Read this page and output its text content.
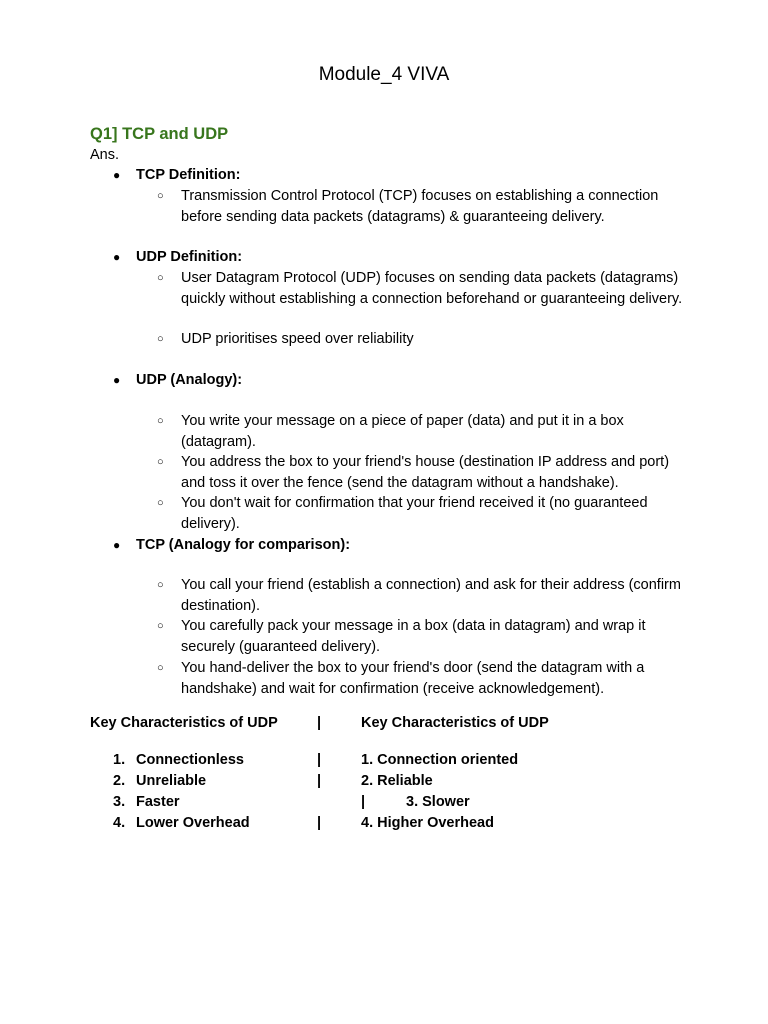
Module_4 VIVA
Q1] TCP and UDP
Ans.
●	TCP Definition:
○	Transmission Control Protocol (TCP) focuses on establishing a connection before sending data packets (datagrams) & guaranteeing delivery.
●	UDP Definition:
○	User Datagram Protocol (UDP) focuses on sending data packets (datagrams) quickly without establishing a connection beforehand or guaranteeing delivery.
○	UDP prioritises speed over reliability
●	UDP (Analogy):
○	You write your message on a piece of paper (data) and put it in a box (datagram).
○	You address the box to your friend's house (destination IP address and port) and toss it over the fence (send the datagram without a handshake).
○	You don't wait for confirmation that your friend received it (no guaranteed delivery).
●	TCP (Analogy for comparison):
○	You call your friend (establish a connection) and ask for their address (confirm destination).
○	You carefully pack your message in a box (data in datagram) and wrap it securely (guaranteed delivery).
○	You hand-deliver the box to your friend's door (send the datagram with a handshake) and wait for confirmation (receive acknowledgement).
Key Characteristics of UDP	|	Key Characteristics of UDP
1. Connectionless	|	1. Connection oriented
2. Unreliable	|	2. Reliable
3. Faster	|	3. Slower
4. Lower Overhead	|	4. Higher Overhead
